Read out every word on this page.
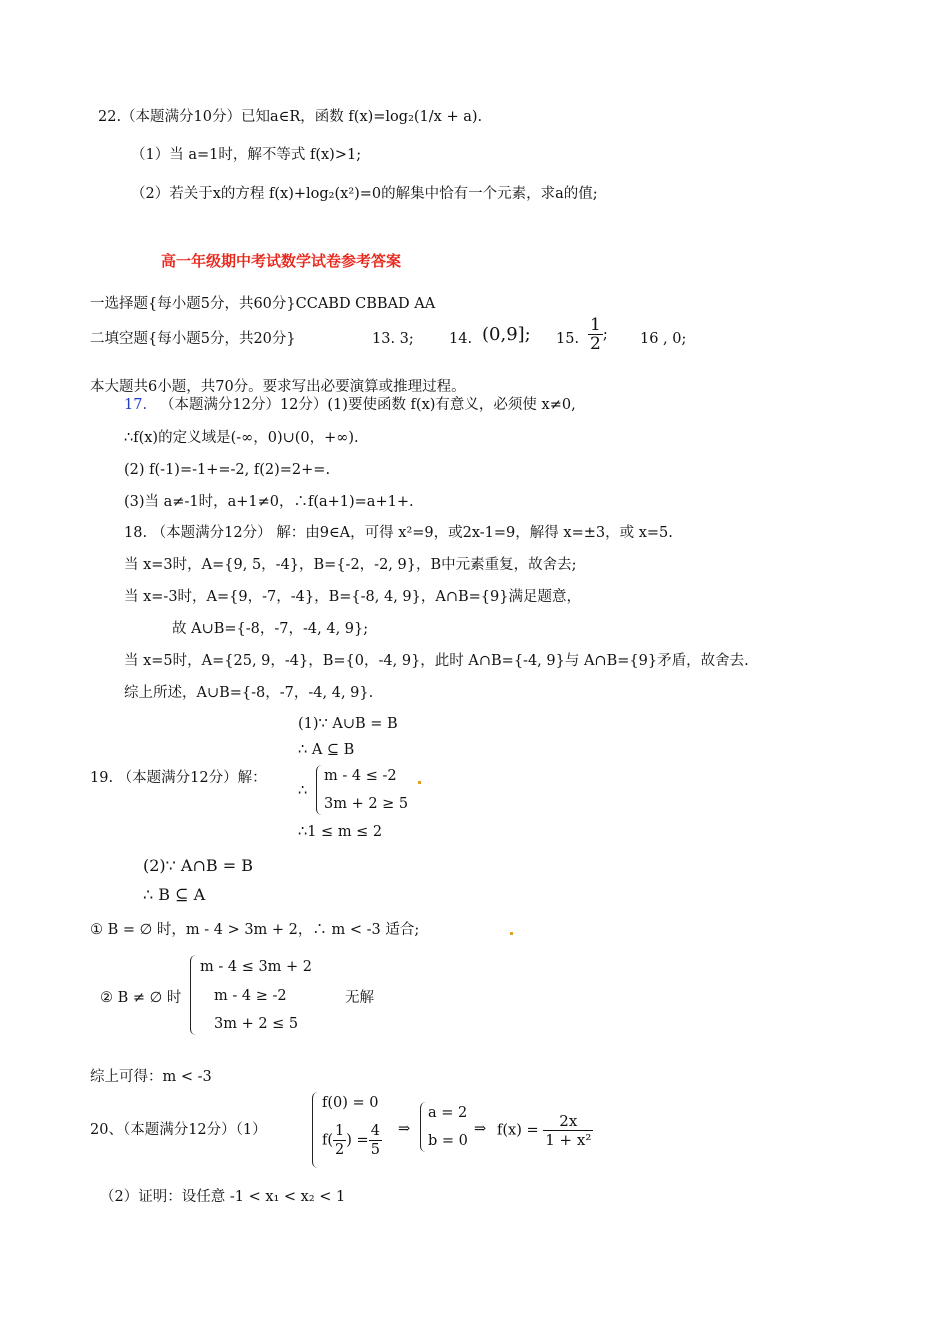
22.（本题满分10分）已知a∈R，函数 f(x)=log₂(1/x + a).
（1）当 a=1时，解不等式 f(x)>1;
（2）若关于x的方程 f(x)+log₂(x²)=0的解集中恰有一个元素，求a的值;
高一年级期中考试数学试卷参考答案
一选择题{每小题5分，共60分}CCABD CBBAD AA
二填空题{每小题5分，共20分}	13. 3; 14. (0,9]; 15. $\frac{1}{2}$ ; 16 , 0;
本大题共6小题，共70分。要求写出必要演算或推理过程。
17. （本题满分12分）12分）(1)要使函数 f(x)有意义，必须使 x≠0,
∴f(x)的定义域是(-∞，0)∪(0，+∞).
(2) f(-1)=-1+=-2, f(2)=2+=.
(3)当 a≠-1时，a+1≠0，∴f(a+1)=a+1+.
18. （本题满分12分） 解：由9∈A，可得 x²=9，或2x-1=9，解得 x=±3，或 x=5.
当 x=3时，A={9, 5，-4}，B={-2，-2, 9}，B中元素重复，故舍去;
当 x=-3时，A={9，-7，-4}，B={-8, 4, 9}，A∩B={9}满足题意，
故 A∪B={-8，-7，-4, 4, 9};
当 x=5时，A={25, 9，-4}，B={0，-4, 9}，此时 A∩B={-4, 9}与 A∩B={9}矛盾，故舍去.
综上所述，A∪B={-8，-7，-4, 4, 9}.
(1)∵ A∪B = B
∴ A ⊆ B
19. （本题满分12分）解：
∴
m - 4 ≤ -2
3m + 2 ≥ 5
∴1 ≤ m ≤ 2
(2)∵ A∩B = B
∴ B ⊆ A
① B = ∅ 时，m - 4 > 3m + 2，∴ m < -3 适合;
② B ≠ ∅ 时
m - 4 ≤ 3m + 2
m - 4 ≥ -2
3m + 2 ≤ 5
无解
综上可得：m < -3
20、（本题满分12分）（1）
f(0) = 0
$f( \frac{1}{2}$ ) = $\frac{4}{5}$ ⇒
a = 2
b = 0
⇒ $f(x) = \frac{2x}{\text{1 + x²}}$
（2）证明：设任意 -1 < x₁ < x₂ < 1
